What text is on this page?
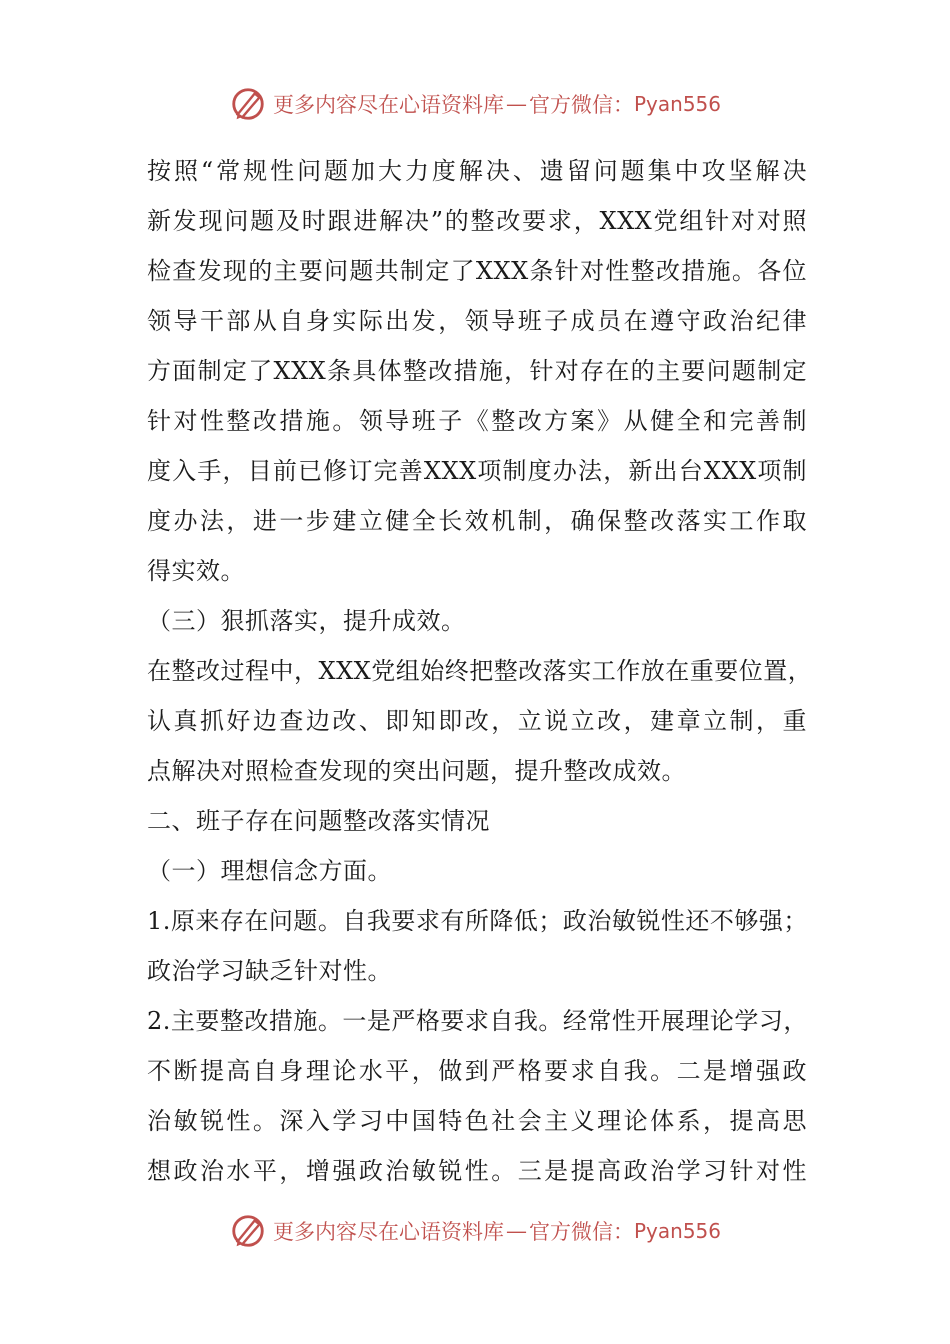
更多内容尽在心语资料库 — 官方微信： Pyan556
按照“常规性问题加大力度解决、遗留问题集中攻坚解决
新发现问题及时跟进解决”的整改要求，XXX党组针对对照
检查发现的主要问题共制定了XXX条针对性整改措施。各位
领导干部从自身实际出发，领导班子成员在遵守政治纪律
方面制定了XXX条具体整改措施，针对存在的主要问题制定
针对性整改措施。领导班子《整改方案》从健全和完善制
度入手，目前已修订完善XXX项制度办法，新出台XXX项制
度办法，进一步建立健全长效机制，确保整改落实工作取
得实效。
（三）狠抓落实，提升成效。
在整改过程中，XXX党组始终把整改落实工作放在重要位置，
认真抓好边查边改、即知即改，立说立改，建章立制，重
点解决对照检查发现的突出问题，提升整改成效。
二、班子存在问题整改落实情况
（一）理想信念方面。
1.原来存在问题。自我要求有所降低；政治敏锐性还不够强；
政治学习缺乏针对性。
2.主要整改措施。一是严格要求自我。经常性开展理论学习，
不断提高自身理论水平，做到严格要求自我。二是增强政
治敏锐性。深入学习中国特色社会主义理论体系，提高思
想政治水平，增强政治敏锐性。三是提高政治学习针对性
更多内容尽在心语资料库 — 官方微信： Pyan556
